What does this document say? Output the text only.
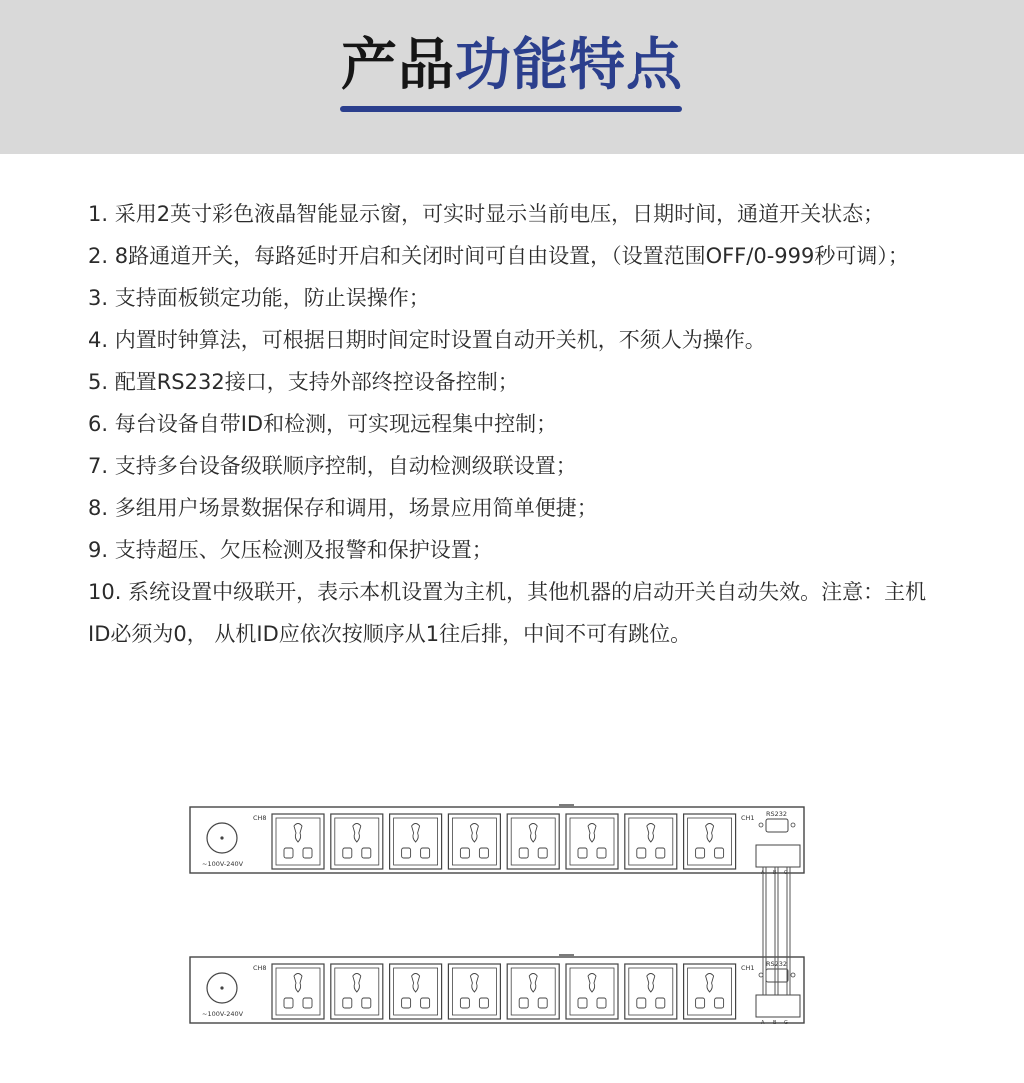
产品功能特点
1. 采用2英寸彩色液晶智能显示窗，可实时显示当前电压，日期时间，通道开关状态；
2. 8路通道开关，每路延时开启和关闭时间可自由设置，（设置范围OFF/0-999秒可调）；
3. 支持面板锁定功能，防止误操作；
4. 内置时钟算法，可根据日期时间定时设置自动开关机，不须人为操作。
5. 配置RS232接口，支持外部终控设备控制；
6. 每台设备自带ID和检测，可实现远程集中控制；
7. 支持多台设备级联顺序控制，自动检测级联设置；
8. 多组用户场景数据保存和调用，场景应用简单便捷；
9. 支持超压、欠压检测及报警和保护设置；
10. 系统设置中级联开，表示本机设置为主机，其他机器的启动开关自动失效。注意：主机ID必须为0， 从机ID应依次按顺序从1往后排，中间不可有跳位。
~100V-240V
CH8	CH1 RS232
A B G
~100V-240V
CH8	CH1 RS232
A B G
